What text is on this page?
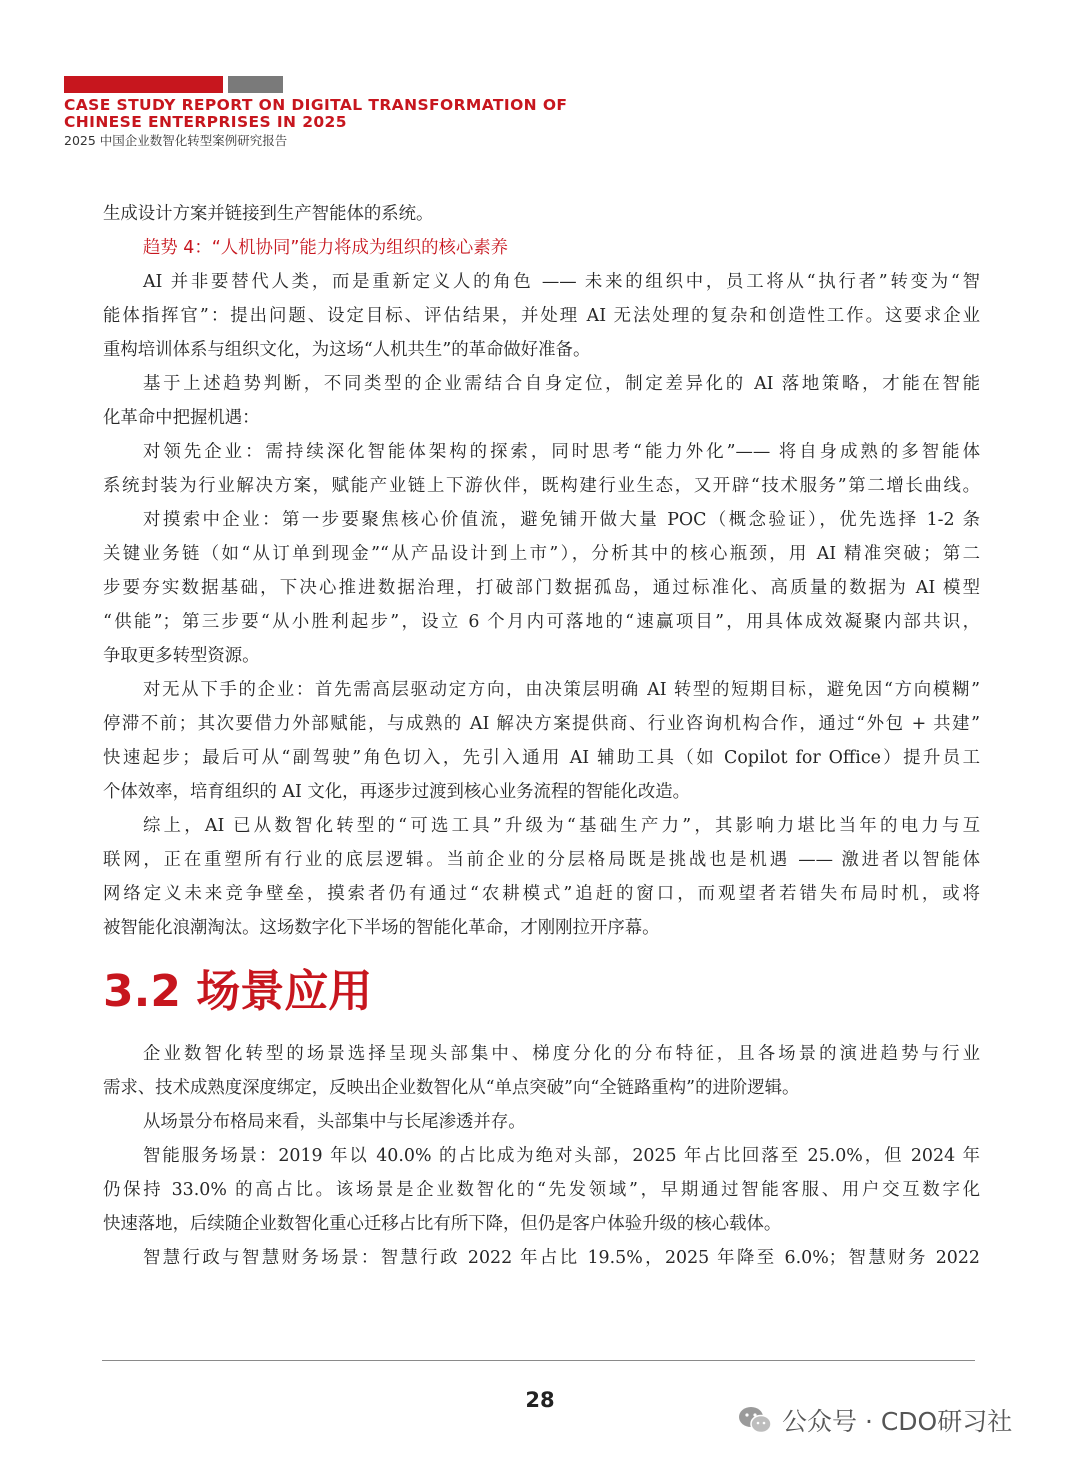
CASE STUDY REPORT ON DIGITAL TRANSFORMATION OF
CHINESE ENTERPRISES IN 2025
2025 中国企业数智化转型案例研究报告
生成设计方案并链接到生产智能体的系统。
趋势 4：“人机协同”能力将成为组织的核心素养
AI 并非要替代人类，而是重新定义人的角色 —— 未来的组织中，员工将从“执行者”转变为“智
能体指挥官”：提出问题、设定目标、评估结果，并处理 AI 无法处理的复杂和创造性工作。这要求企业
重构培训体系与组织文化，为这场“人机共生”的革命做好准备。
基于上述趋势判断，不同类型的企业需结合自身定位，制定差异化的 AI 落地策略，才能在智能
化革命中把握机遇：
对领先企业：需持续深化智能体架构的探索，同时思考“能力外化”—— 将自身成熟的多智能体
系统封装为行业解决方案，赋能产业链上下游伙伴，既构建行业生态，又开辟“技术服务”第二增长曲线。
对摸索中企业：第一步要聚焦核心价值流，避免铺开做大量 POC（概念验证），优先选择 1-2 条
关键业务链（如“从订单到现金”“从产品设计到上市”），分析其中的核心瓶颈，用 AI 精准突破；第二
步要夯实数据基础，下决心推进数据治理，打破部门数据孤岛，通过标准化、高质量的数据为 AI 模型
“供能”；第三步要“从小胜利起步”，设立 6 个月内可落地的“速赢项目”，用具体成效凝聚内部共识，
争取更多转型资源。
对无从下手的企业：首先需高层驱动定方向，由决策层明确 AI 转型的短期目标，避免因“方向模糊”
停滞不前；其次要借力外部赋能，与成熟的 AI 解决方案提供商、行业咨询机构合作，通过“外包 + 共建”
快速起步；最后可从“副驾驶”角色切入，先引入通用 AI 辅助工具（如 Copilot for Office）提升员工
个体效率，培育组织的 AI 文化，再逐步过渡到核心业务流程的智能化改造。
综上，AI 已从数智化转型的“可选工具”升级为“基础生产力”，其影响力堪比当年的电力与互
联网，正在重塑所有行业的底层逻辑。当前企业的分层格局既是挑战也是机遇 —— 激进者以智能体
网络定义未来竞争壁垒，摸索者仍有通过“农耕模式”追赶的窗口，而观望者若错失布局时机，或将
被智能化浪潮淘汰。这场数字化下半场的智能化革命，才刚刚拉开序幕。
3.2 场景应用
企业数智化转型的场景选择呈现头部集中、梯度分化的分布特征，且各场景的演进趋势与行业
需求、技术成熟度深度绑定，反映出企业数智化从“单点突破”向“全链路重构”的进阶逻辑。
从场景分布格局来看，头部集中与长尾渗透并存。
智能服务场景：2019 年以 40.0% 的占比成为绝对头部，2025 年占比回落至 25.0%，但 2024 年
仍保持 33.0% 的高占比。该场景是企业数智化的“先发领域”，早期通过智能客服、用户交互数字化
快速落地，后续随企业数智化重心迁移占比有所下降，但仍是客户体验升级的核心载体。
智慧行政与智慧财务场景：智慧行政 2022 年占比 19.5%，2025 年降至 6.0%；智慧财务 2022
28
公众号 · CDO研习社
